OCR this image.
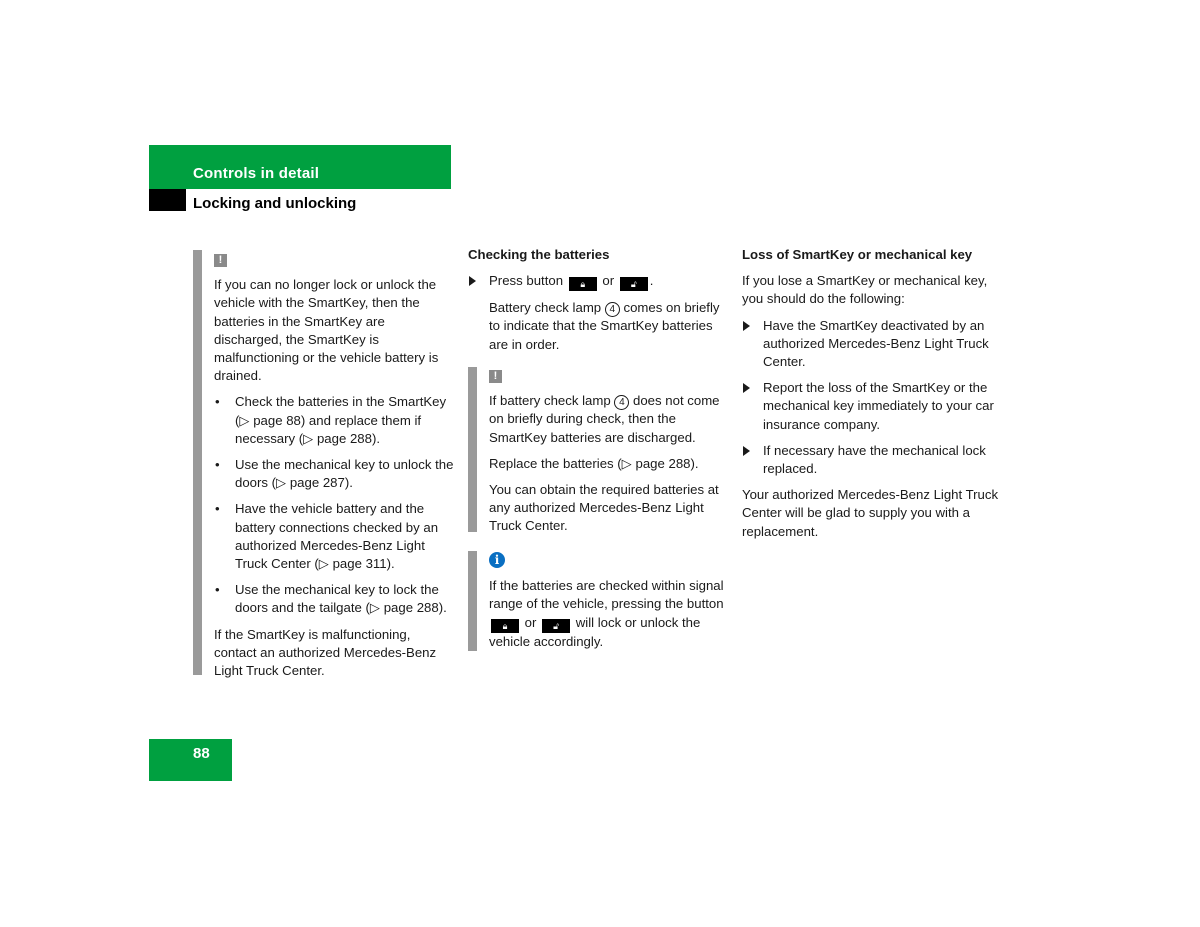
Controls in detail
Locking and unlocking

!

If you can no longer lock or unlock the vehicle with the SmartKey, then the batteries in the SmartKey are discharged, the SmartKey is malfunctioning or the vehicle battery is drained.

• Check the batteries in the SmartKey (▷ page 88) and replace them if necessary (▷ page 288).
• Use the mechanical key to unlock the doors (▷ page 287).
• Have the vehicle battery and the battery connections checked by an authorized Mercedes-Benz Light Truck Center (▷ page 311).
• Use the mechanical key to lock the doors and the tailgate (▷ page 288).

If the SmartKey is malfunctioning, contact an authorized Mercedes-Benz Light Truck Center.

Checking the batteries
Press button 🔒︎ or 🔓︎ .
Battery check lamp 4 comes on briefly to indicate that the SmartKey batteries are in order.

!

If battery check lamp 4 does not come on briefly during check, then the SmartKey batteries are discharged.

Replace the batteries (▷ page 288).

You can obtain the required batteries at any authorized Mercedes-Benz Light Truck Center.

i

If the batteries are checked within signal range of the vehicle, pressing the button 🔒︎ or 🔓︎ will lock or unlock the vehicle accordingly.

Loss of SmartKey or mechanical key

If you lose a SmartKey or mechanical key, you should do the following:

Have the SmartKey deactivated by an authorized Mercedes-Benz Light Truck Center.
Report the loss of the SmartKey or the mechanical key immediately to your car insurance company.
If necessary have the mechanical lock replaced.

Your authorized Mercedes-Benz Light Truck Center will be glad to supply you with a replacement.

88
